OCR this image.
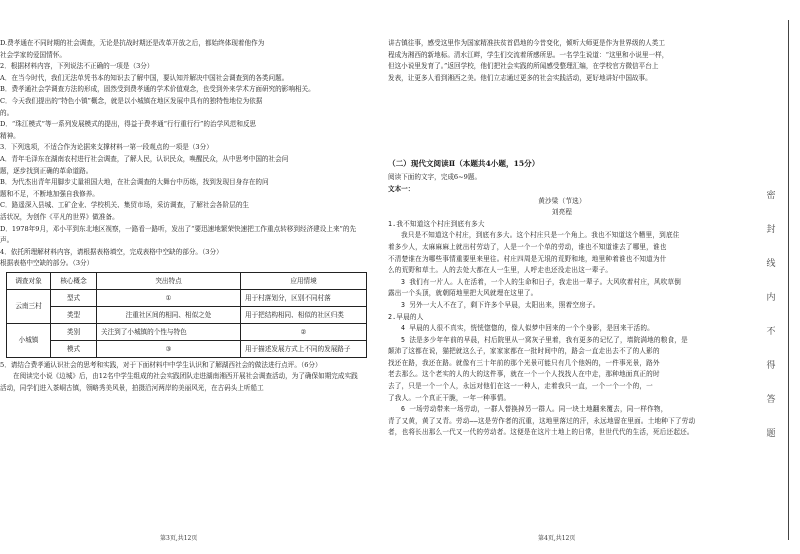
D.费孝通在不同时期的社会调查，无论是抗战时期还是改革开放之后，都始终体现着他作为

社会学家的爱国情怀。

2．根据材料内容，下列说法不正确的一项是（3分）

A．在当今时代，我们无法单凭书本的知识去了解中国，要认知并解决中国社会调查到的各类问题。

B．费孝通社会学调查方法的形成，固然受到费孝通的学术价值观念，也受到外来学术方面研究的影响相关。

C．今天我们提出的“特色小镇”概念，就是以小城镇在地区发展中具有的独特性地位为依据

的。

D．“珠江模式”等一系列发展模式的提出，得益于费孝通“行行重行行”的治学风范和反思

精神。

3．下列选项，不适合作为论据来支撑材料一第一段观点的一项是（3分）

A．青年毛泽东在湖南农村进行社会调查，了解人民，认识民众，唤醒民众，从中思考中国的社会问

题，逐步找到正确的革命道路。

B．为代杰出青年用脚步丈量祖国大地，在社会调查的大舞台中历练，找到发现目身存在的问

题和不足，不断地加强自我修养。

C．路遥深入县城、工矿企业、学校机关、集贸市场，采访调查，了解社会各阶层的生

活状况，为创作《平凡的世界》做准备。

D．1978年9月，邓小平到东北地区视察，一路看一路听，发出了“要迅速地繁荣快速把工作重点转移到经济建设上来”的先声。

4．依托所理解材料内容，请根据表格填空，完成表格中空缺的部分。（3分）

根据表格中空缺的部分。（3分）

调查对象	核心概念	突出特点	应用情境
云南三村	型式	①	用于村落划分，区别不同村落
	类型	注重社区间的相同、相似之处	用于把结构相同、相似的社区归类
小城镇	类别	关注到了小城镇的个性与特色	②
	模式	③	用于描述发展方式上不同的发展路子

5．请结合费孝通认识社会的思考和实践，对于下面材料中中学生认识和了解湖西社会的做法进行点评。（6分）

在阅读完小说《边城》后，由12名中学生组成的社会实践团队走进湖南湘西开展社会调查活动，为了确保如期完成实践活动，同学们进入茶峒古镇，领略秀美风景，拍摄沿河两岸的美丽风光，在古码头上听船工

第3页,共12页

讲古镇往事，感受这里作为国家精准扶贫首倡地的今昔变化，倾听大师更是作为世界级的人类工

程成为湘西的新地标。清水江畔，学生们交流着所感所思。一名学生说道：“这里和小说里一样，

但这小说里发育了。”返回学校，他们把社会实践的所闻感受整理汇编，在学校官方微信平台上

发表，让更多人看到湘西之美。他们立志通过更多的社会实践活动，更好地讲好中国故事。

（二）现代文阅读Ⅱ（本题共4小题，15分）

阅读下面的文字，完成6~9题。

文本一：

黄沙梁（节选）

刘亮程

1.我不知道这个村庄到底有多大

我只是不知道这个村庄，到底有多大。这个村庄只是一个角上。我也不知道这个糟里，到底住

着多少人，太麻麻麻上就出村劳动了，人是一个一个单的劳动，谁也不知道谁去了哪里，谁也

不清楚谁在为哪些事情重要里来里往。村庄四周是无垠的荒野和地，地里种着谁也不知道为什

么的荒野和草土。人的去处大都在人一生里，人呼走也还没走出这一辈子。

3 我们有一片人。人在活着，一个人的生命和日子，我走出一辈子。大风吹着村庄，风吹草倒

露出一个头顶，就朝陌地里把大风就埋在这里了。

3 另外一大人不在了，剩下许多个早晨，太阳出来，照着空房子。

2.早晨的人

4 早晨的人很不真实，恍恍惚惚的，像人似梦中回来的一个个身影，是回来干活的。

5 法是多少年年前的早晨，村后院里从一窝灰子里着，我有更多的记忆了，墙院满地的粮食，是

颠沛了这都在说，猫把就这么子，家家家都在一批时间中的，路会一直走出去不了的人影的

找还在路，我还在路。就像有三十年前的那个光景可能只有几个他妈的，一件事光景，路外

老去那么。这个老实的人的大的这件事，就在一个一个人找找人在中走，那种地面真正的时

去了，只是一个一个人，永远对他们在这一一种人，走着我只一直，一个一个一个的，一

了我人。一个真正干脆，一年一种事情。

6 一场劳动带来一场劳动，一群人替换掉另一群人。同一块土地翻来覆去，同一样作物，

青了又黄，黄了又青。劳动——这是劳作者的沉重，这地里落过的汗，永远地留在里面。土地种下了劳动

者，也将长出那么一代又一代的劳动者。这便是在这片土地上的日常，世世代代的生活，死后还起还。

第4页,共12页
密
封
线
内
不
得
答
题
